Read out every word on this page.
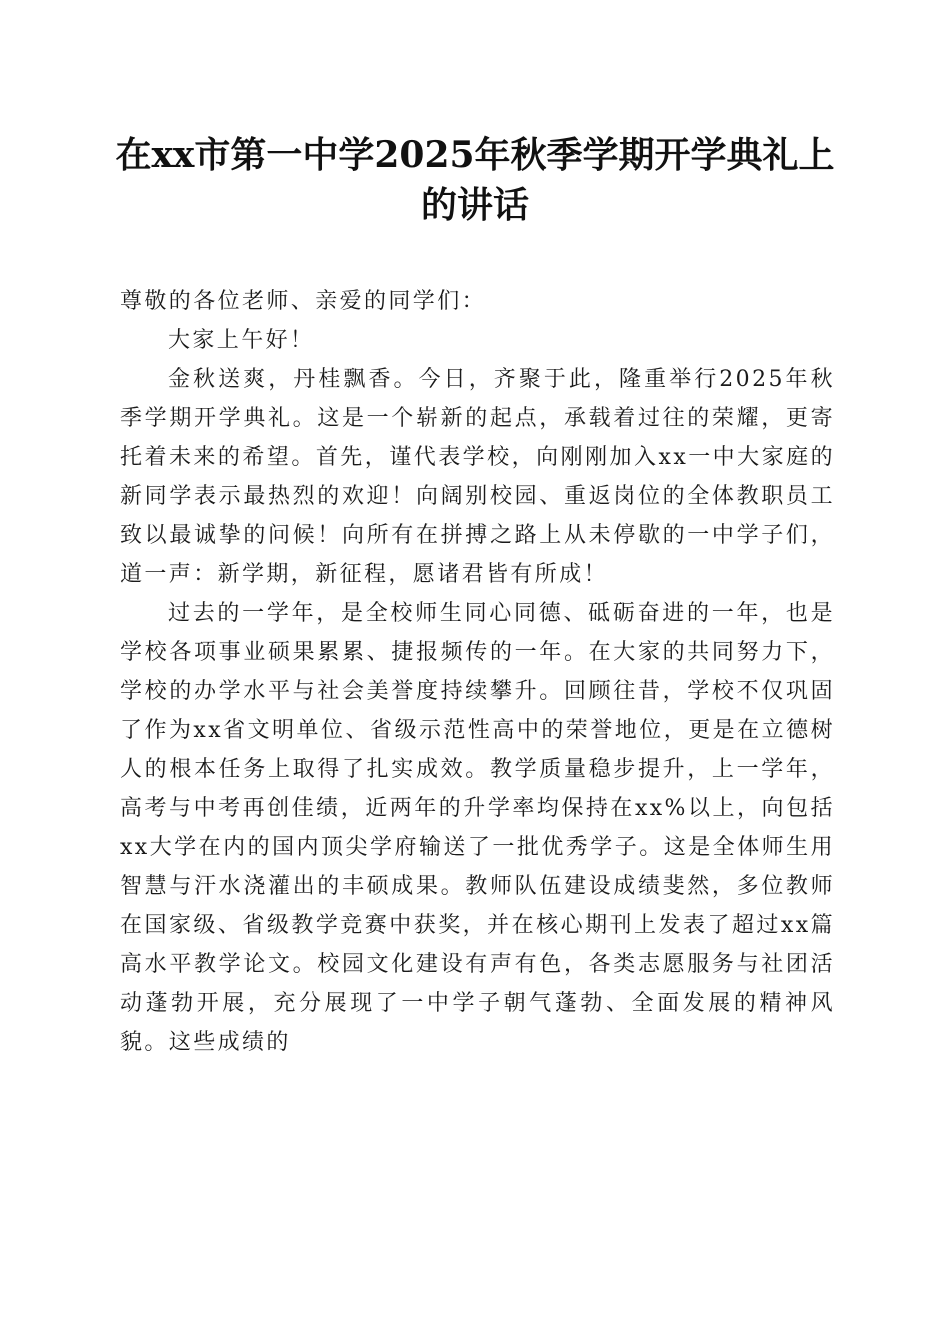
在xx市第一中学2025年秋季学期开学典礼上的讲话

尊敬的各位老师、亲爱的同学们：

大家上午好！

金秋送爽，丹桂飘香。今日，齐聚于此，隆重举行2025年秋季学期开学典礼。这是一个崭新的起点，承载着过往的荣耀，更寄托着未来的希望。首先，谨代表学校，向刚刚加入xx一中大家庭的新同学表示最热烈的欢迎！向阔别校园、重返岗位的全体教职员工致以最诚挚的问候！向所有在拼搏之路上从未停歇的一中学子们，道一声：新学期，新征程，愿诸君皆有所成！

过去的一学年，是全校师生同心同德、砥砺奋进的一年，也是学校各项事业硕果累累、捷报频传的一年。在大家的共同努力下，学校的办学水平与社会美誉度持续攀升。回顾往昔，学校不仅巩固了作为xx省文明单位、省级示范性高中的荣誉地位，更是在立德树人的根本任务上取得了扎实成效。教学质量稳步提升，上一学年，高考与中考再创佳绩，近两年的升学率均保持在xx%以上，向包括xx大学在内的国内顶尖学府输送了一批优秀学子。这是全体师生用智慧与汗水浇灌出的丰硕成果。教师队伍建设成绩斐然，多位教师在国家级、省级教学竞赛中获奖，并在核心期刊上发表了超过xx篇高水平教学论文。校园文化建设有声有色，各类志愿服务与社团活动蓬勃开展，充分展现了一中学子朝气蓬勃、全面发展的精神风貌。这些成绩的
